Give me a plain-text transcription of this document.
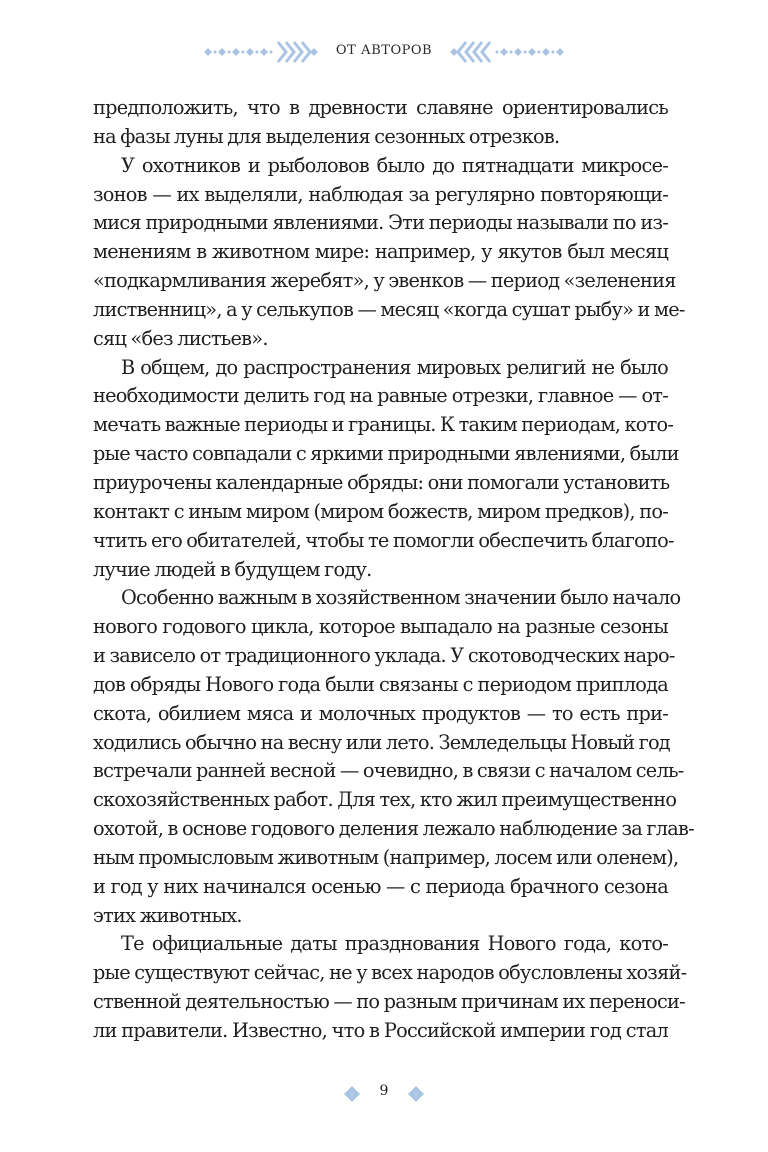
ОТ АВТОРОВ
предположить, что в древности славяне ориентировались
на фазы луны для выделения сезонных отрезков.
У охотников и рыболовов было до пятнадцати микросе-
зонов — их выделяли, наблюдая за регулярно повторяющи-
мися природными явлениями. Эти периоды называли по из-
менениям в животном мире: например, у якутов был месяц
«подкармливания жеребят», у эвенков — период «зеленения
лиственниц», а у селькупов — месяц «когда сушат рыбу» и ме-
сяц «без листьев».
В общем, до распространения мировых религий не было
необходимости делить год на равные отрезки, главное — от-
мечать важные периоды и границы. К таким периодам, кото-
рые часто совпадали с яркими природными явлениями, были
приурочены календарные обряды: они помогали установить
контакт с иным миром (миром божеств, миром предков), по-
чтить его обитателей, чтобы те помогли обеспечить благопо-
лучие людей в будущем году.
Особенно важным в хозяйственном значении было начало
нового годового цикла, которое выпадало на разные сезоны
и зависело от традиционного уклада. У скотоводческих наро-
дов обряды Нового года были связаны с периодом приплода
скота, обилием мяса и молочных продуктов — то есть при-
ходились обычно на весну или лето. Земледельцы Новый год
встречали ранней весной — очевидно, в связи с началом сель-
скохозяйственных работ. Для тех, кто жил преимущественно
охотой, в основе годового деления лежало наблюдение за глав-
ным промысловым животным (например, лосем или оленем),
и год у них начинался осенью — с периода брачного сезона
этих животных.
Те официальные даты празднования Нового года, кото-
рые существуют сейчас, не у всех народов обусловлены хозяй-
ственной деятельностью — по разным причинам их переноси-
ли правители. Известно, что в Российской империи год стал
9
